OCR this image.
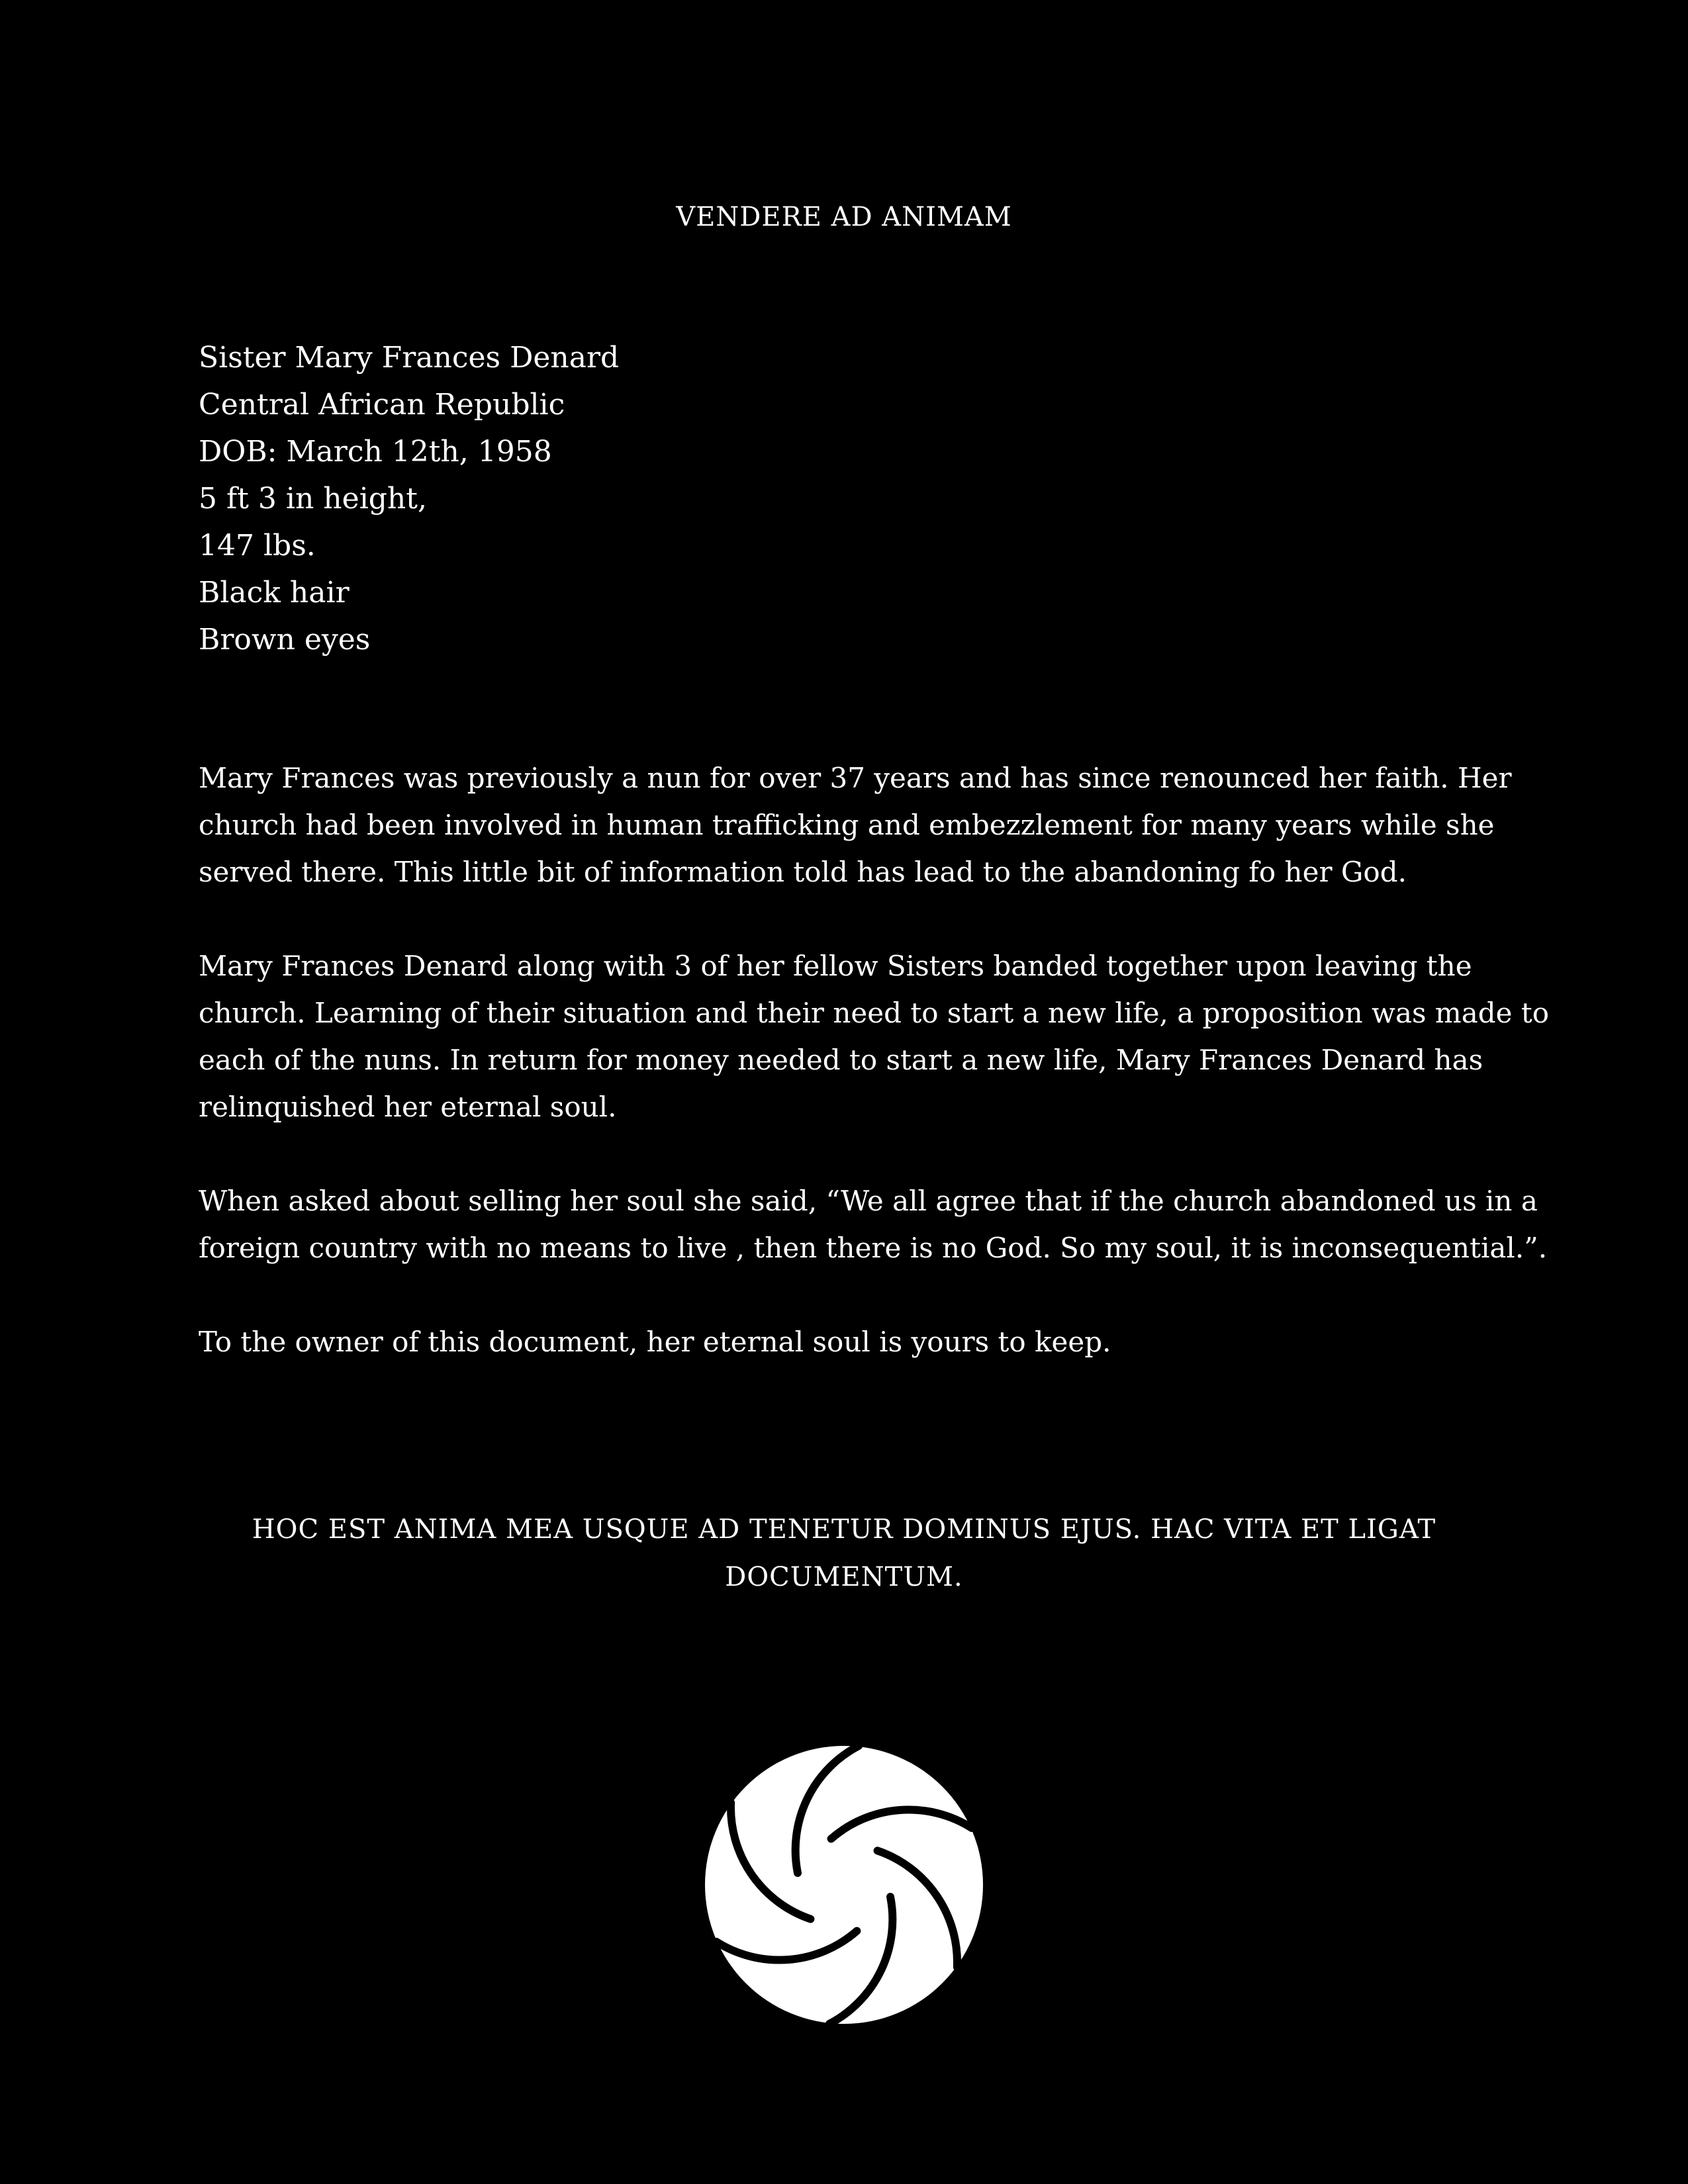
VENDERE AD ANIMAM
Sister Mary Frances Denard
Central African Republic
DOB: March 12th, 1958
5 ft 3 in height,
147 lbs.
Black hair
Brown eyes

Mary Frances was previously a nun for over 37 years and has since renounced her faith. Her
church had been involved in human trafficking and embezzlement for many years while she
served there. This little bit of information told has lead to the abandoning fo her God.

Mary Frances Denard along with 3 of her fellow Sisters banded together upon leaving the
church. Learning of their situation and their need to start a new life, a proposition was made to
each of the nuns. In return for money needed to start a new life, Mary Frances Denard has
relinquished her eternal soul.

When asked about selling her soul she said, “We all agree that if the church abandoned us in a
foreign country with no means to live , then there is no God. So my soul, it is inconsequential.”.

To the owner of this document, her eternal soul is yours to keep.

HOC EST ANIMA MEA USQUE AD TENETUR DOMINUS EJUS. HAC VITA ET LIGAT
DOCUMENTUM.
